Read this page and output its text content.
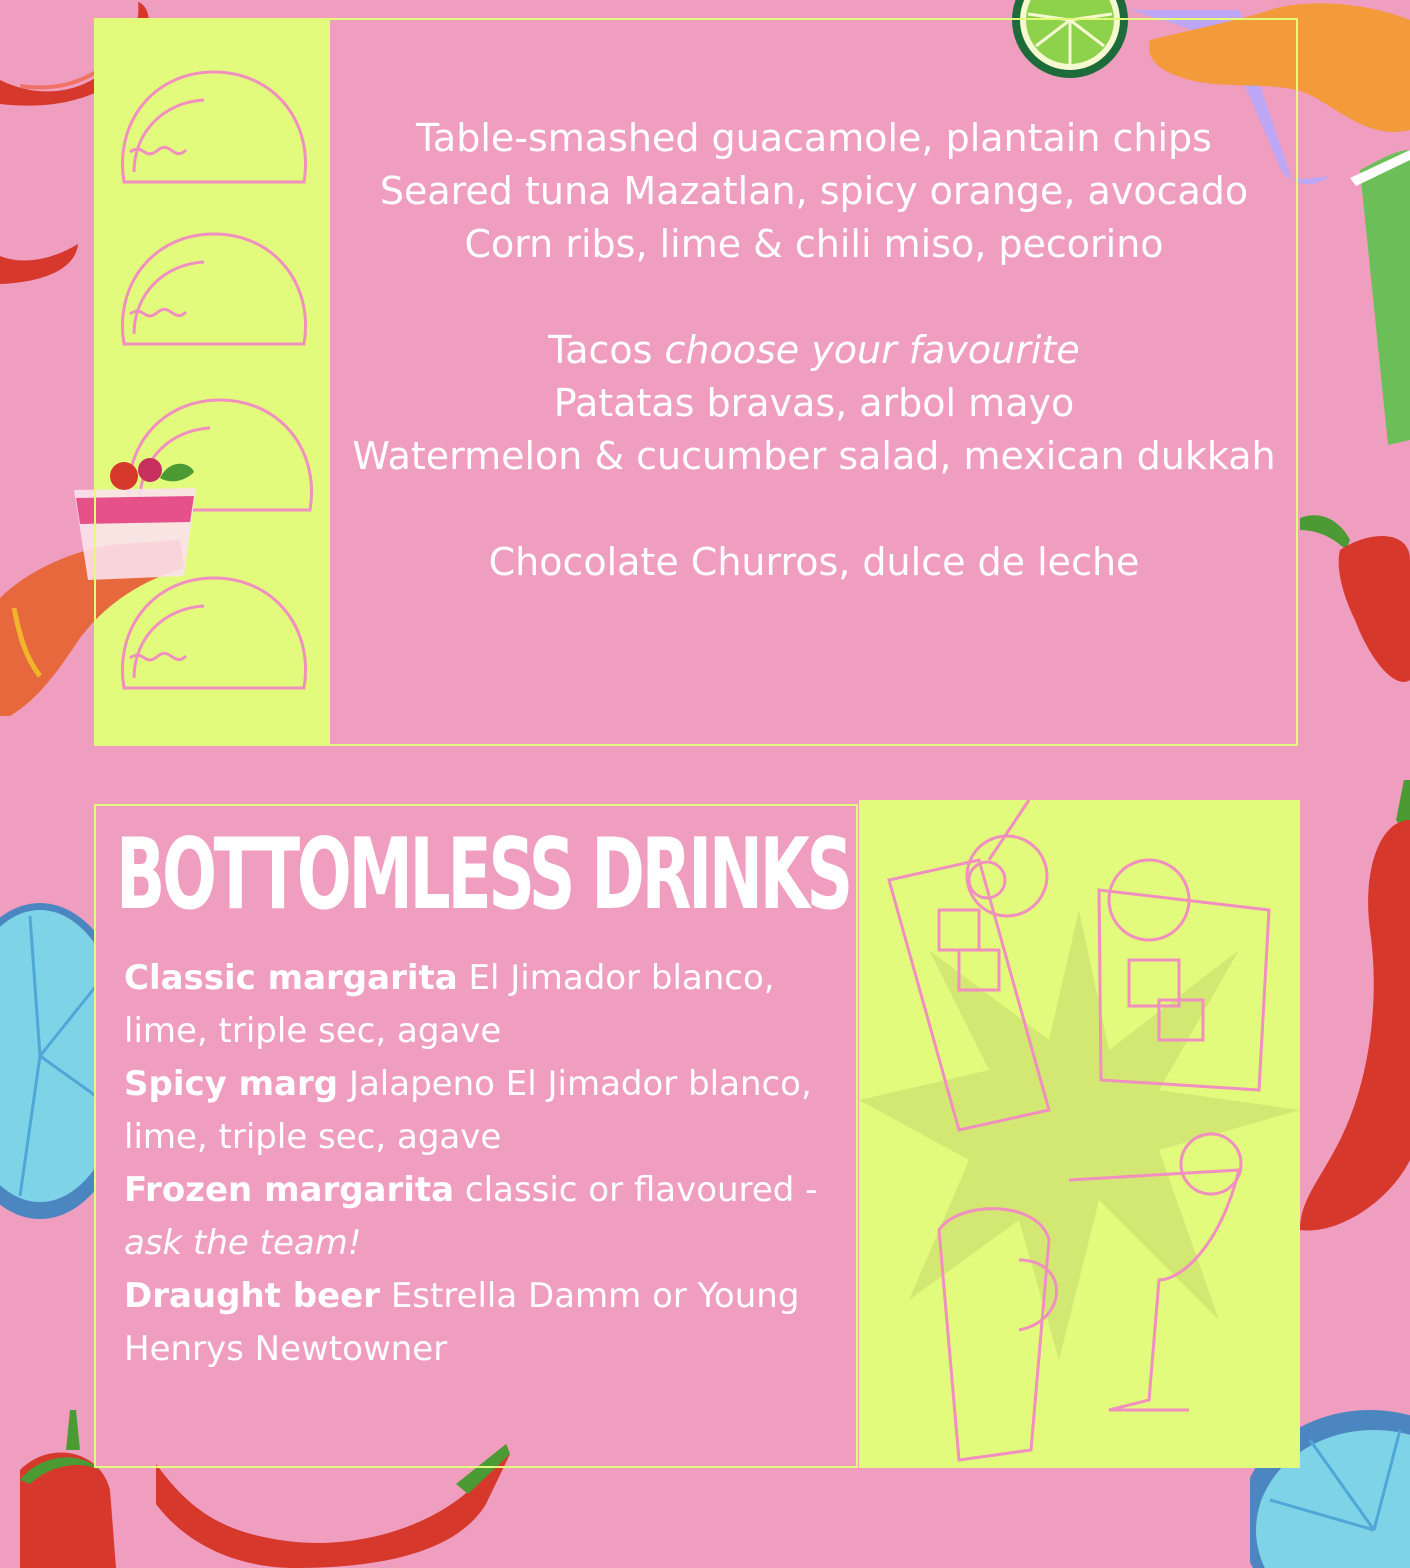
Table-smashed guacamole, plantain chips
Seared tuna Mazatlan, spicy orange, avocado
Corn ribs, lime & chili miso, pecorino
Tacos choose your favourite
Patatas bravas, arbol mayo
Watermelon & cucumber salad, mexican dukkah
Chocolate Churros, dulce de leche
BOTTOMLESS DRINKS
Classic margarita El Jimador blanco, lime, triple sec, agave
Spicy marg Jalapeno El Jimador blanco, lime, triple sec, agave
Frozen margarita classic or flavoured - ask the team!
Draught beer Estrella Damm or Young Henrys Newtowner
